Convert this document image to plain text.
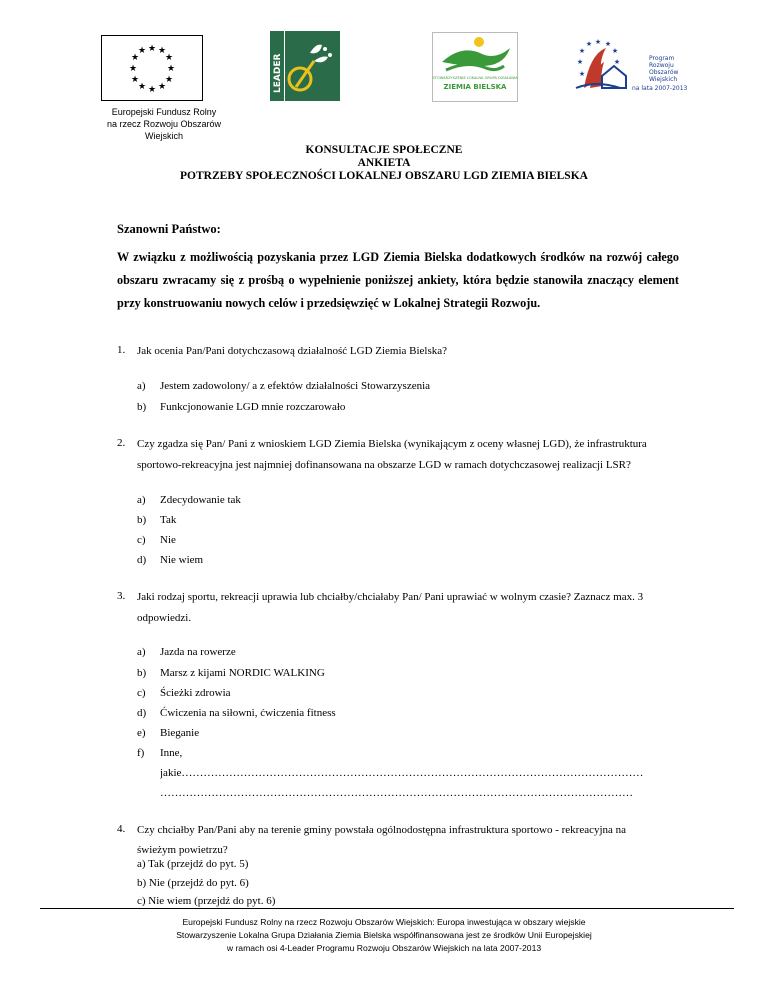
★ ★
★
★
★
★
★
★
★
★
★
★
Europejski Fundusz Rolny
na rzecz Rozwoju Obszarów Wiejskich
LEADER	STOWARZYSZENIE LOKALNA GRUPA DZIAŁANIA
ZIEMIA BIELSKA
★ ★
★
★
★
★
★
★
Program
Rozwoju
Obszarów
Wiejskich
na lata 2007-2013
KONSULTACJE SPOŁECZNE
ANKIETA
POTRZEBY SPOŁECZNOŚCI LOKALNEJ OBSZARU LGD ZIEMIA BIELSKA
Szanowni Państwo:
W związku z możliwością pozyskania przez LGD Ziemia Bielska dodatkowych środków na rozwój całego obszaru zwracamy się z prośbą o wypełnienie poniższej ankiety, która będzie stanowiła znaczący element przy konstruowaniu nowych celów i przedsięwzięć w Lokalnej Strategii Rozwoju.
1. Jak ocenia Pan/Pani dotychczasową działalność LGD Ziemia Bielska?
a) Jestem zadowolony/ a z efektów działalności Stowarzyszenia
b) Funkcjonowanie LGD mnie rozczarowało
2. Czy zgadza się Pan/ Pani z wnioskiem LGD Ziemia Bielska (wynikającym z oceny własnej LGD), że infrastruktura
sportowo-rekreacyjna jest najmniej dofinansowana na obszarze LGD w ramach dotychczasowej realizacji LSR?
a) Zdecydowanie tak
b) Tak
c) Nie
d) Nie wiem
3. Jaki rodzaj sportu, rekreacji uprawia lub chciałby/chciałaby Pan/ Pani uprawiać w wolnym czasie? Zaznacz max. 3
odpowiedzi.
a) Jazda na rowerze
b) Marsz z kijami NORDIC WALKING
c) Ścieżki zdrowia
d) Ćwiczenia na siłowni, ćwiczenia fitness
e) Bieganie
f) Inne,
jakie………………………………………………………………………………………………………………
…………………………………………………………………………………………………………………
4. Czy chciałby Pan/Pani aby na terenie gminy powstała ogólnodostępna infrastruktura sportowo - rekreacyjna na
świeżym powietrzu?
a) Tak (przejdź do pyt. 5)
b) Nie (przejdź do pyt. 6)
c) Nie wiem (przejdź do pyt. 6)
Europejski Fundusz Rolny na rzecz Rozwoju Obszarów Wiejskich: Europa inwestująca w obszary wiejskie
Stowarzyszenie Lokalna Grupa Działania Ziemia Bielska współfinansowana jest ze środków Unii Europejskiej
w ramach osi 4-Leader Programu Rozwoju Obszarów Wiejskich na lata 2007-2013
